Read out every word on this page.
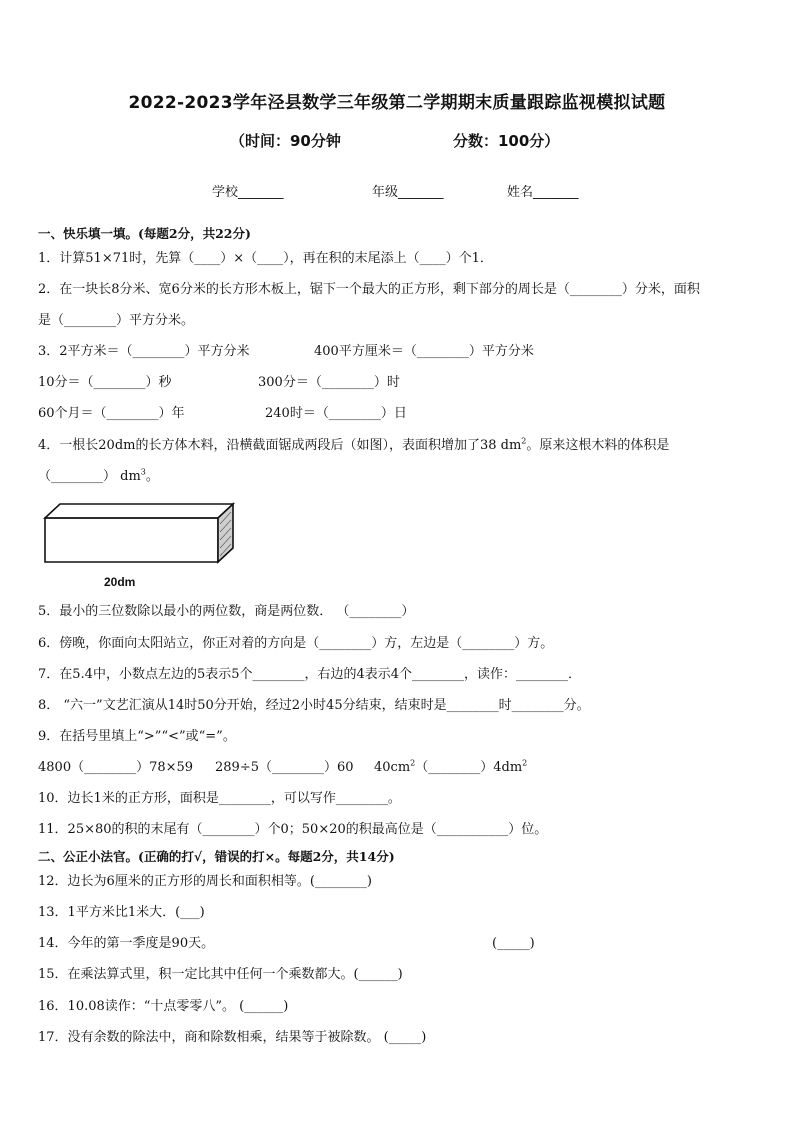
2022-2023学年泾县数学三年级第二学期期末质量跟踪监视模拟试题
（时间：90分钟	分数：100分）
学校_______	年级_______	姓名_______
一、快乐填一填。(每题2分，共22分)
1．计算51×71时，先算（____）×（____），再在积的末尾添上（____）个1．
2．在一块长8分米、宽6分米的长方形木板上，锯下一个最大的正方形，剩下部分的周长是（________）分米，面积
是（________）平方分米。
3．2平方米＝（________）平方分米	400平方厘米＝（________）平方分米
10分＝（________）秒	300分＝（________）时
60个月＝（________）年	240时＝（________）日
4．一根长20dm的长方体木料，沿横截面锯成两段后（如图），表面积增加了38 $dm^2$。原来这根木料的体积是
（________） $dm^3$。
20dm
5．最小的三位数除以最小的两位数，商是两位数． （________）
6．傍晚，你面向太阳站立，你正对着的方向是（________）方，左边是（________）方。
7．在5.4中，小数点左边的5表示5个________，右边的4表示4个________，读作：________．
8． “六一”文艺汇演从14时50分开始，经过2小时45分结束，结束时是________时________分。
9．在括号里填上“>”“<”或“=”。
4800（________）78×59 289÷5（________）60 $40cm^2(\_\_\_\_\_\_\_\_)4dm^2$
10．边长1米的正方形，面积是________，可以写作________。
11．25×80的积的末尾有（________）个0；50×20的积最高位是（___________）位。
二、公正小法官。(正确的打√，错误的打×。每题2分，共14分)
12．边长为6厘米的正方形的周长和面积相等。(________)
13．1平方米比1米大．(___)
14．今年的第一季度是90天。	(_____)
15．在乘法算式里，积一定比其中任何一个乘数都大。(______)
16．10.08读作：“十点零零八”。 (______)
17．没有余数的除法中，商和除数相乘，结果等于被除数。 (_____)
